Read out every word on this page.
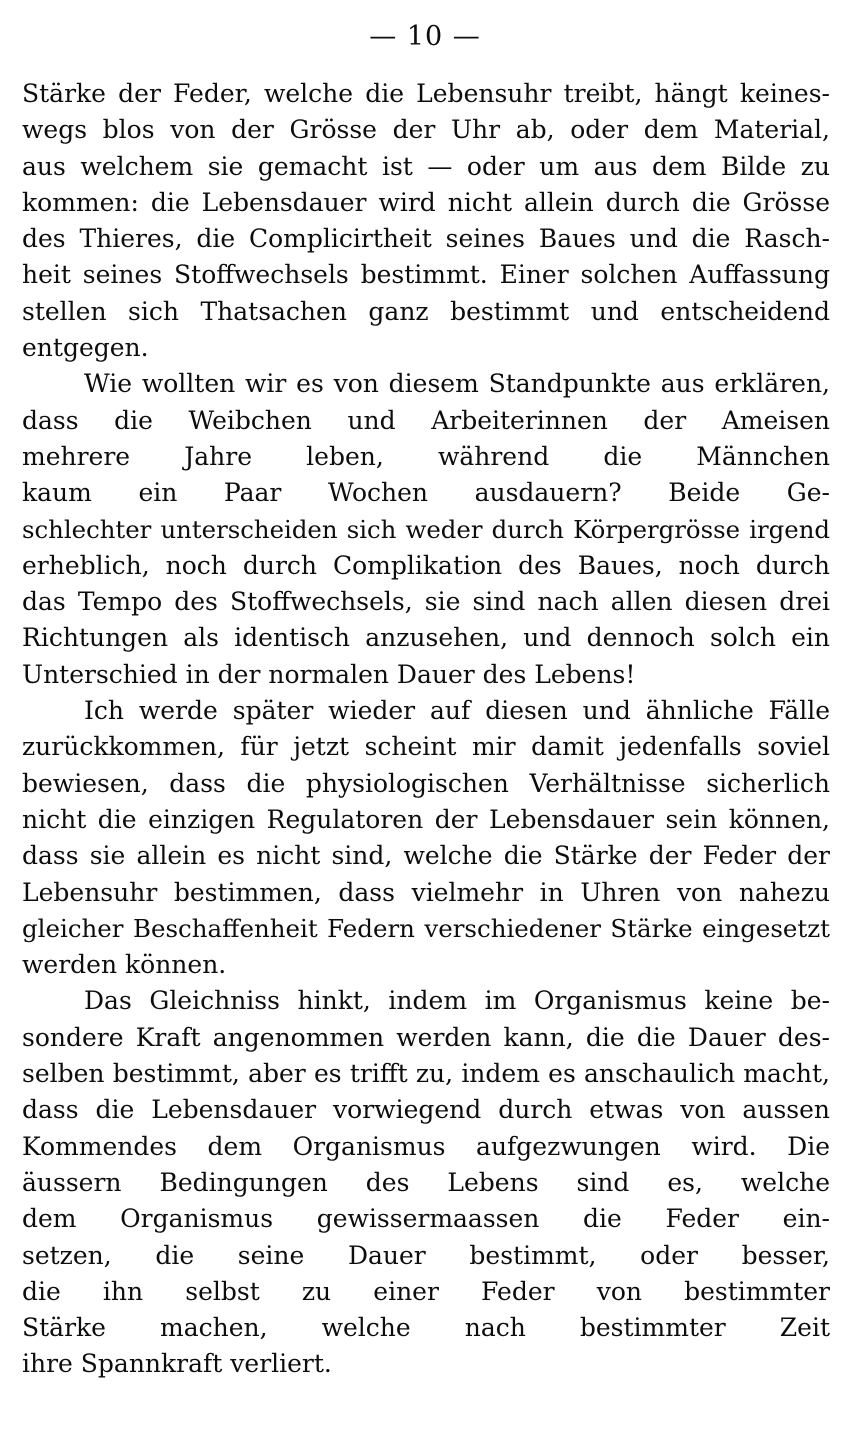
— 10 —
Stärke der Feder, welche die Lebensuhr treibt, hängt keines-
wegs blos von der Grösse der Uhr ab, oder dem Material,
aus welchem sie gemacht ist — oder um aus dem Bilde zu
kommen: die Lebensdauer wird nicht allein durch die Grösse
des Thieres, die Complicirtheit seines Baues und die Rasch-
heit seines Stoffwechsels bestimmt. Einer solchen Auffassung
stellen sich Thatsachen ganz bestimmt und entscheidend
entgegen.
Wie wollten wir es von diesem Standpunkte aus erklären,
dass die Weibchen und Arbeiterinnen der Ameisen
mehrere Jahre leben, während die Männchen
kaum ein Paar Wochen ausdauern? Beide Ge-
schlechter unterscheiden sich weder durch Körpergrösse irgend
erheblich, noch durch Complikation des Baues, noch durch
das Tempo des Stoffwechsels, sie sind nach allen diesen drei
Richtungen als identisch anzusehen, und dennoch solch ein
Unterschied in der normalen Dauer des Lebens!
Ich werde später wieder auf diesen und ähnliche Fälle
zurückkommen, für jetzt scheint mir damit jedenfalls soviel
bewiesen, dass die physiologischen Verhältnisse sicherlich
nicht die einzigen Regulatoren der Lebensdauer sein können,
dass sie allein es nicht sind, welche die Stärke der Feder der
Lebensuhr bestimmen, dass vielmehr in Uhren von nahezu
gleicher Beschaffenheit Federn verschiedener Stärke eingesetzt
werden können.
Das Gleichniss hinkt, indem im Organismus keine be-
sondere Kraft angenommen werden kann, die die Dauer des-
selben bestimmt, aber es trifft zu, indem es anschaulich macht,
dass die Lebensdauer vorwiegend durch etwas von aussen
Kommendes dem Organismus aufgezwungen wird. Die
äussern Bedingungen des Lebens sind es, welche
dem Organismus gewissermaassen die Feder ein-
setzen, die seine Dauer bestimmt, oder besser,
die ihn selbst zu einer Feder von bestimmter
Stärke machen, welche nach bestimmter Zeit
ihre Spannkraft verliert.
